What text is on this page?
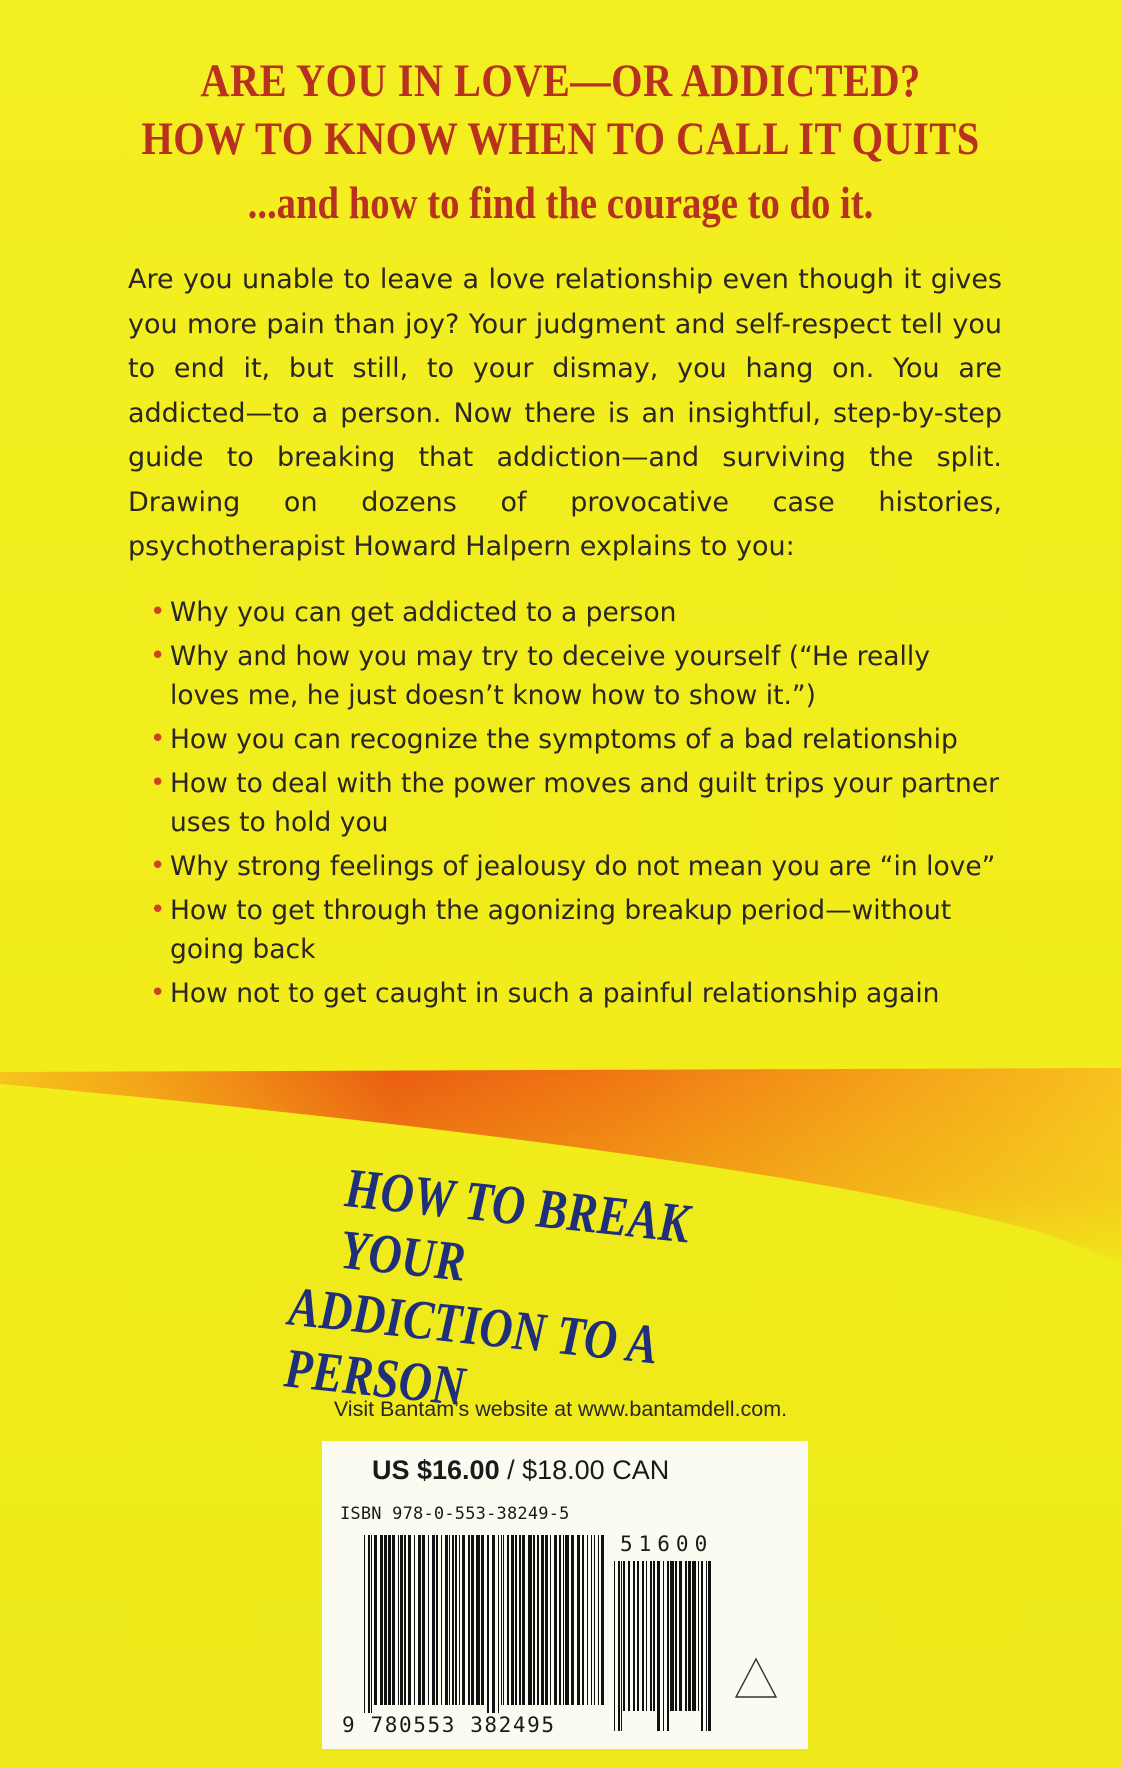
ARE YOU IN LOVE—OR ADDICTED?
HOW TO KNOW WHEN TO CALL IT QUITS
...and how to find the courage to do it.
Are you unable to leave a love relationship even though it gives you more pain than joy? Your judgment and self-respect tell you to end it, but still, to your dismay, you hang on. You are addicted—to a person. Now there is an insightful, step-by-step guide to breaking that addiction—and surviving the split. Drawing on dozens of provocative case histories, psychotherapist Howard Halpern explains to you:
• Why you can get addicted to a person
• Why and how you may try to deceive yourself (“He really loves me, he just doesn’t know how to show it.”)
• How you can recognize the symptoms of a bad relationship
• How to deal with the power moves and guilt trips your partner uses to hold you
• Why strong feelings of jealousy do not mean you are “in love”
• How to get through the agonizing breakup period—without going back
• How not to get caught in such a painful relationship again
HOW TO BREAK YOUR
ADDICTION TO A PERSON
Visit Bantam’s website at www.bantamdell.com.
US $16.00 / $18.00 CAN
ISBN 978-0-553-38249-5
9 780553 382495
51600
